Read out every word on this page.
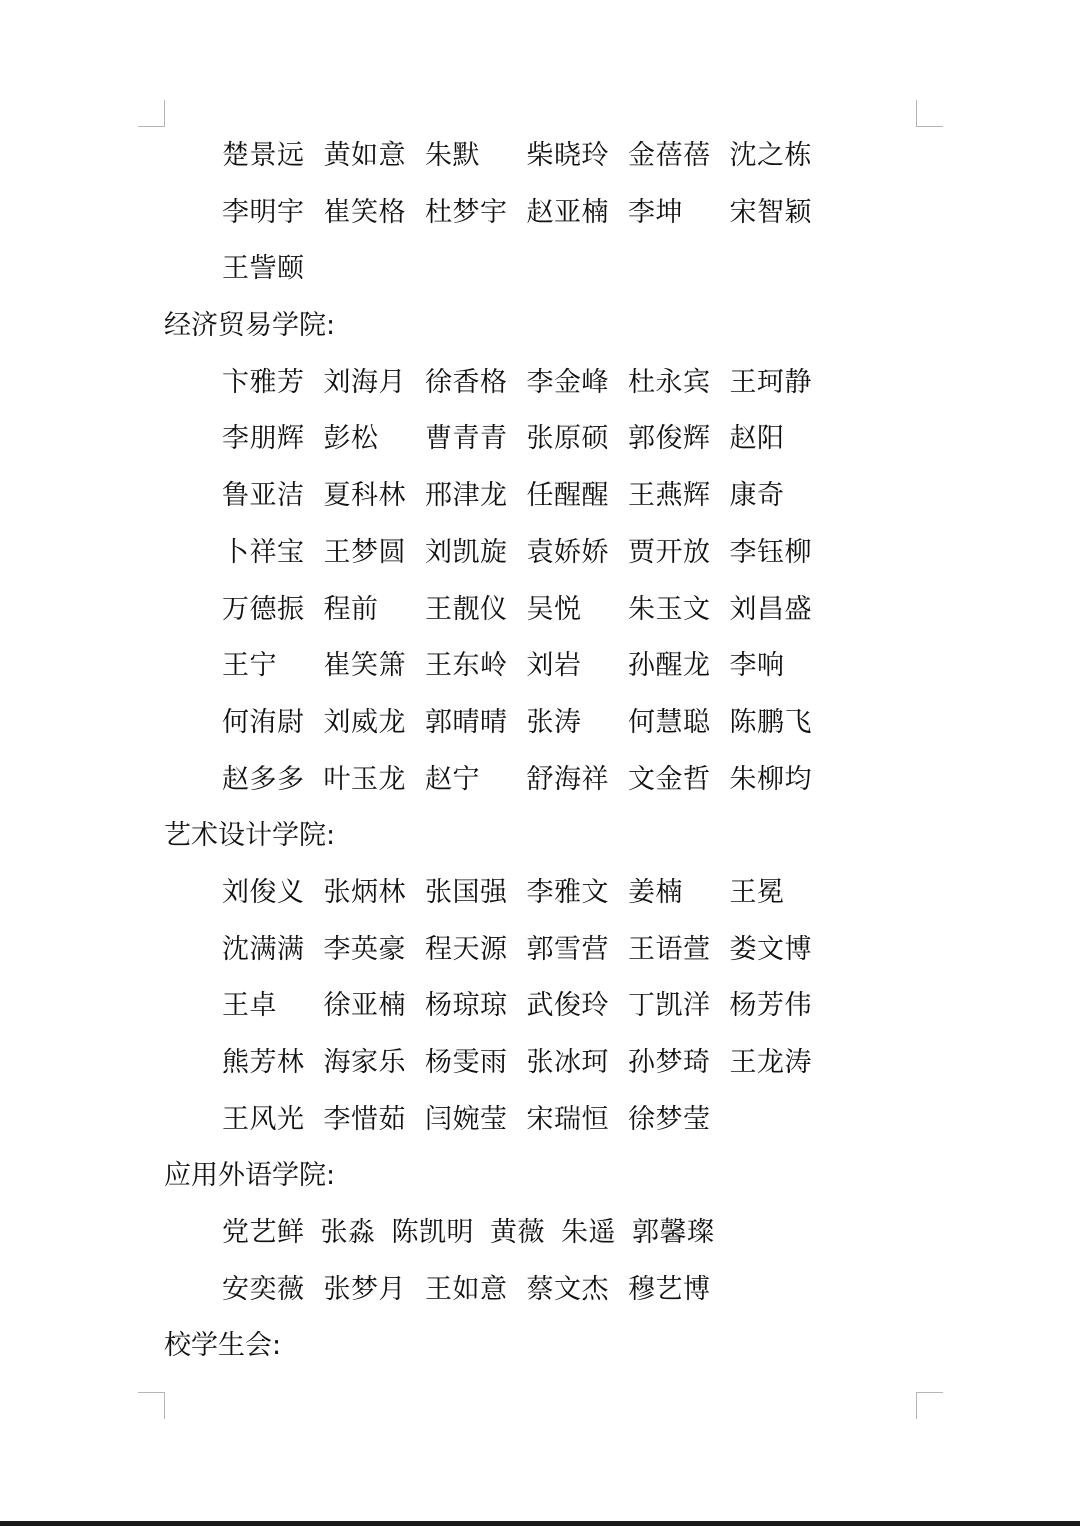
楚景远 黄如意 朱默	柴晓玲 金蓓蓓 沈之栋
李明宇 崔笑格 杜梦宇 赵亚楠 李坤	宋智颖
王訾颐
经济贸易学院:
卞雅芳 刘海月 徐香格 李金峰 杜永宾 王珂静
李朋辉 彭松	曹青青 张原硕 郭俊辉 赵阳
鲁亚洁 夏科林 邢津龙 任醒醒 王燕辉 康奇
卜祥宝 王梦圆 刘凯旋 袁娇娇 贾开放 李钰柳
万德振 程前	王靓仪 吴悦	朱玉文 刘昌盛
王宁	崔笑箫 王东岭 刘岩	孙醒龙 李响
何洧尉 刘威龙 郭晴晴 张涛	何慧聪 陈鹏飞
赵多多 叶玉龙 赵宁	舒海祥 文金哲 朱柳均
艺术设计学院:
刘俊义 张炳林 张国强 李雅文 姜楠	王冕
沈满满 李英豪 程天源 郭雪营 王语萱 娄文博
王卓	徐亚楠 杨琼琼 武俊玲 丁凯洋 杨芳伟
熊芳林 海家乐 杨雯雨 张冰珂 孙梦琦 王龙涛
王风光 李惜茹 闫婉莹 宋瑞恒 徐梦莹
应用外语学院:
党艺鲜 张淼 陈凯明 黄薇 朱遥 郭馨璨
安奕薇 张梦月 王如意 蔡文杰 穆艺博
校学生会:
